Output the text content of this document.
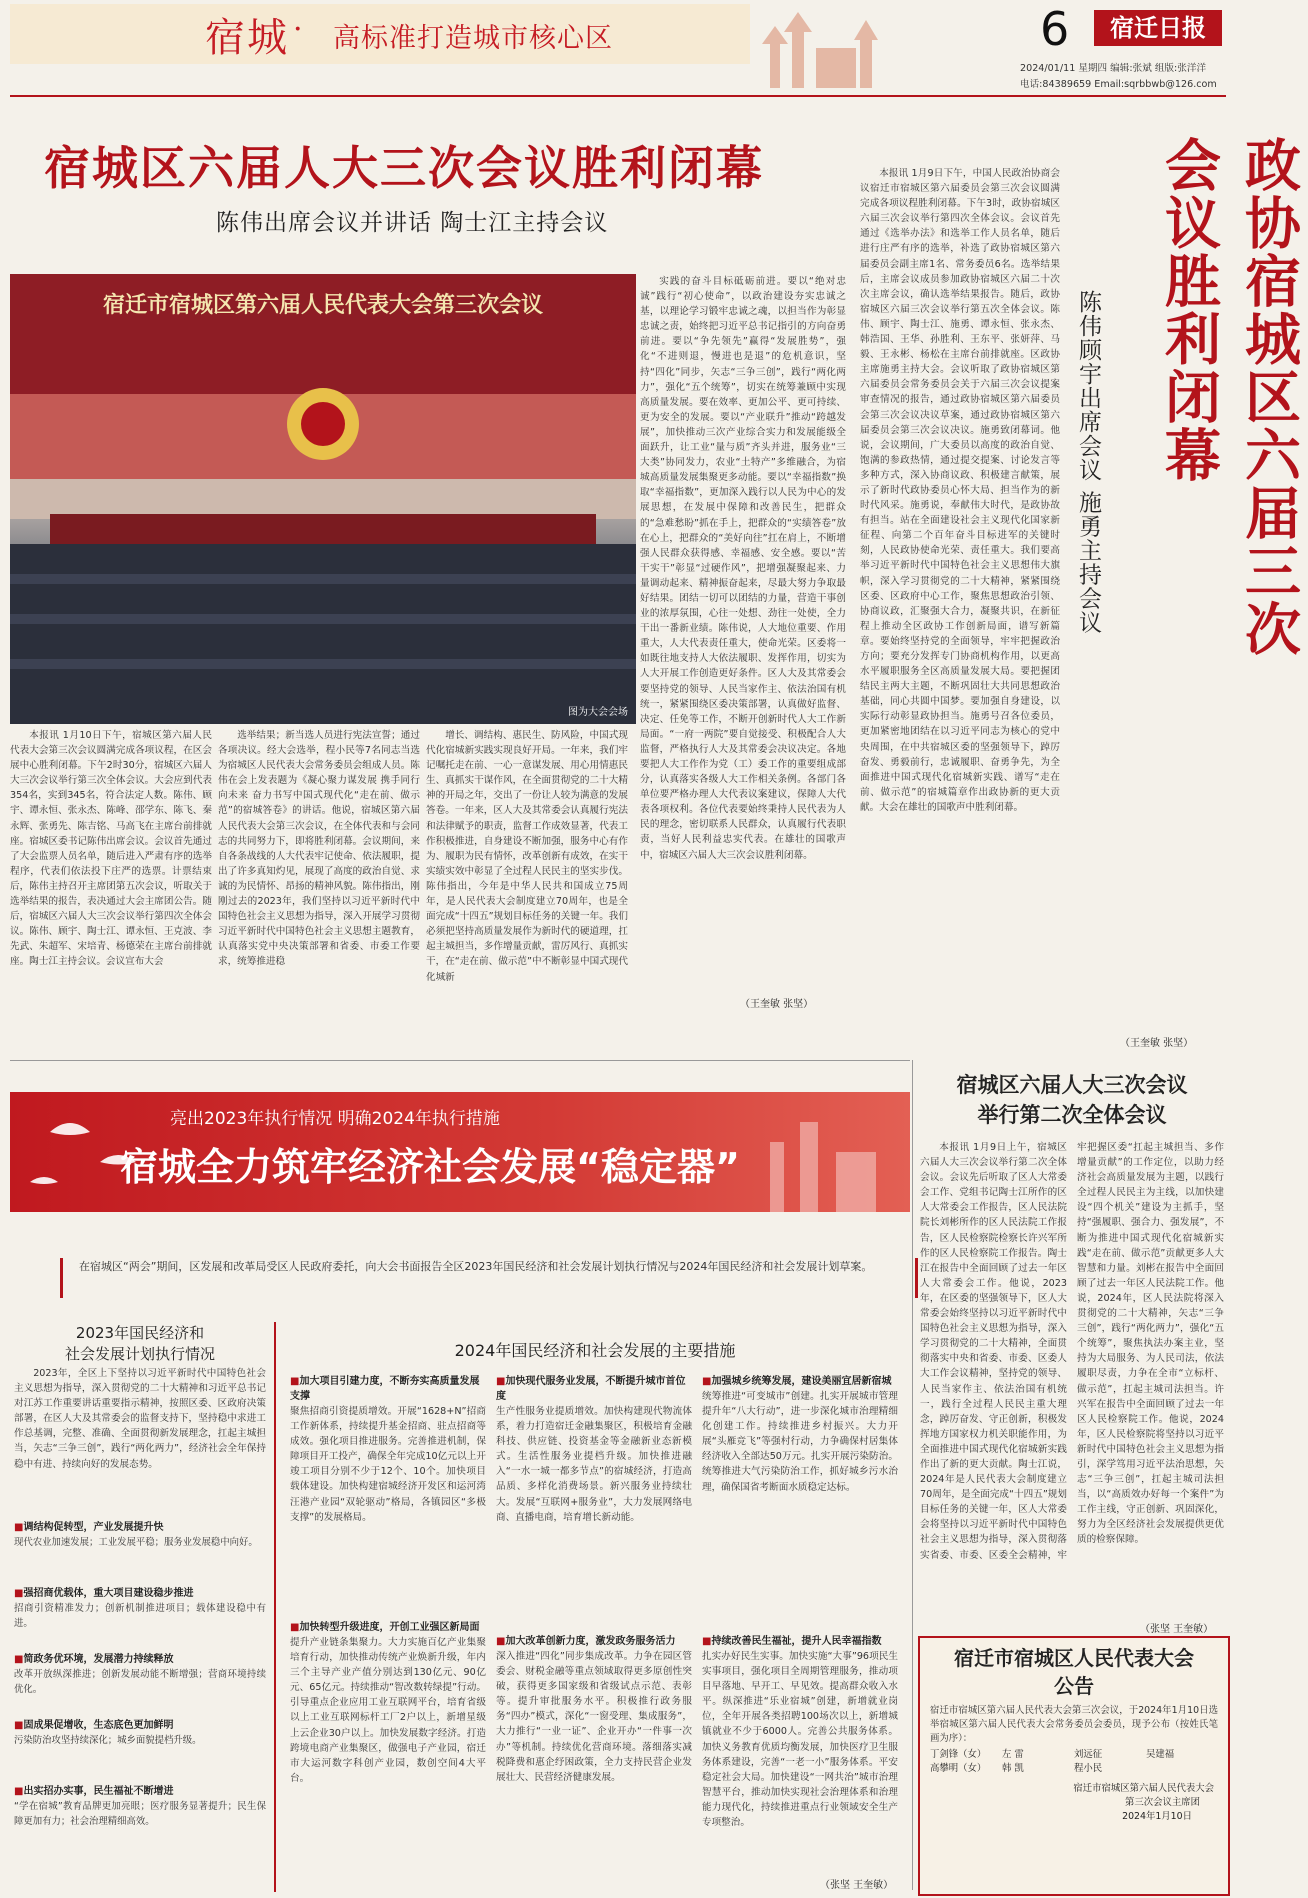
宿城 · 高标准打造城市核心区	6	宿迁日报
2024/01/11 星期四 编辑:张斌 组版:张洋洋
电话:84389659 Email:sqrbbwb@126.com
宿城区六届人大三次会议胜利闭幕
陈伟出席会议并讲话 陶士江主持会议
宿迁市宿城区第六届人民代表大会第三次会议
图为大会会场

实践的奋斗目标砥砺前进。要以“绝对忠诚”践行“初心使命”，以政治建设夯实忠诚之基，以理论学习锻牢忠诚之魂，以担当作为彰显忠诚之责，始终把习近平总书记指引的方向奋勇前进。要以“争先领先”赢得“发展胜势”，强化“不进则退，慢进也是退”的危机意识，坚持“四化”同步，矢志“三争三创”，践行“两化两力”，强化“五个统筹”，切实在统筹兼顾中实现高质量发展。要在效率、更加公平、更可持续、更为安全的发展。要以“产业联升”推动“跨越发展”，加快推动三次产业综合实力和发展能级全面跃升，让工业“量与质”齐头并进，服务业“三大类”协同发力，农业“土特产”多维融合，为宿城高质量发展集聚更多动能。要以“幸福指数”换取“幸福指数”，更加深入践行以人民为中心的发展思想，在发展中保障和改善民生，把群众的“急难愁盼”抓在手上，把群众的“实绩答卷”放在心上，把群众的“美好向往”扛在肩上，不断增强人民群众获得感、幸福感、安全感。要以“苦干实干”彰显“过硬作风”，把增强凝聚起来、力量调动起来、精神振奋起来，尽最大努力争取最好结果。团结一切可以团结的力量，营造干事创业的浓厚氛围，心往一处想、劲往一处使，全力干出一番新业绩。陈伟说，人大地位重要、作用重大，人大代表责任重大，使命光荣。区委将一如既往地支持人大依法履职、发挥作用，切实为人大开展工作创造更好条件。区人大及其常委会要坚持党的领导、人民当家作主、依法治国有机统一，紧紧围绕区委决策部署，认真做好监督、决定、任免等工作，不断开创新时代人大工作新局面。“一府一两院”要自觉接受、积极配合人大监督，严格执行人大及其常委会决议决定。各地要把人大工作作为党（工）委工作的重要组成部分，认真落实各级人大工作相关条例。各部门各单位要严格办理人大代表议案建议，保障人大代表各项权利。各位代表要始终秉持人民代表为人民的理念，密切联系人民群众，认真履行代表职责，当好人民利益忠实代表。在雄壮的国歌声中，宿城区六届人大三次会议胜利闭幕。

本报讯 1月10日下午，宿城区第六届人民代表大会第三次会议圆满完成各项议程，在区会展中心胜利闭幕。下午2时30分，宿城区六届人大三次会议举行第三次全体会议。大会应到代表354名，实到345名，符合法定人数。陈伟、顾宇、谭永恒、张永杰、陈峰、邵学东、陈飞、秦永辉、张勇先、陈吉铭、马高飞在主席台前排就座。宿城区委书记陈伟出席会议。会议首先通过了大会监票人员名单，随后进入严肃有序的选举程序，代表们依法投下庄严的选票。计票结束后，陈伟主持召开主席团第五次会议，听取关于选举结果的报告，表决通过大会主席团公告。随后，宿城区六届人大三次会议举行第四次全体会议。陈伟、顾宇、陶士江、谭永恒、王克波、李先武、朱超军、宋培青、杨德荣在主席台前排就座。陶士江主持会议。会议宣布大会

选举结果；新当选人员进行宪法宣誓；通过各项决议。经大会选举，程小民等7名同志当选为宿城区人民代表大会常务委员会组成人员。陈伟在会上发表题为《凝心聚力谋发展 携手同行向未来 奋力书写中国式现代化“走在前、做示范”的宿城答卷》的讲话。他说，宿城区第六届人民代表大会第三次会议，在全体代表和与会同志的共同努力下，即将胜利闭幕。会议期间，来自各条战线的人大代表牢记使命、依法履职，提出了许多真知灼见，展现了高度的政治自觉、求诚的为民情怀、昂扬的精神风貌。陈伟指出，刚刚过去的2023年，我们坚持以习近平新时代中国特色社会主义思想为指导，深入开展学习贯彻习近平新时代中国特色社会主义思想主题教育，认真落实党中央决策部署和省委、市委工作要求，统筹推进稳

增长、调结构、惠民生、防风险，中国式现代化宿城新实践实现良好开局。一年来，我们牢记嘱托走在前、一心一意谋发展、用心用情惠民生、真抓实干谋作风，在全面贯彻党的二十大精神的开局之年，交出了一份让人较为满意的发展答卷。一年来，区人大及其常委会认真履行宪法和法律赋予的职责，监督工作成效显著，代表工作积极推进，自身建设不断加强，服务中心有作为、履职为民有情怀，改革创新有成效，在实干实绩实效中彰显了全过程人民民主的坚实步伐。陈伟指出，今年是中华人民共和国成立75周年，是人民代表大会制度建立70周年，也是全面完成“十四五”规划目标任务的关键一年。我们必须把坚持高质量发展作为新时代的硬道理，扛起主城担当，多作增量贡献，雷厉风行、真抓实干，在“走在前、做示范”中不断彰显中国式现代化城新

（王奎敏 张坚）
政协宿城区六届三次会议胜利闭幕
陈伟顾宇出席会议 施勇主持会议

本报讯 1月9日下午，中国人民政治协商会议宿迁市宿城区第六届委员会第三次会议圆满完成各项议程胜利闭幕。下午3时，政协宿城区六届三次会议举行第四次全体会议。会议首先通过《选举办法》和选举工作人员名单，随后进行庄严有序的选举，补选了政协宿城区第六届委员会副主席1名、常务委员6名。选举结果后，主席会议成员参加政协宿城区六届二十次次主席会议，确认选举结果报告。随后，政协宿城区六届三次会议举行第五次全体会议。陈伟、顾宇、陶士江、施勇、谭永恒、张永杰、韩浩国、王华、孙胜利、王东平、张妍萍、马毅、王永彬、杨松在主席台前排就座。区政协主席施勇主持大会。会议听取了政协宿城区第六届委员会常务委员会关于六届三次会议提案审查情况的报告，通过政协宿城区第六届委员会第三次会议决议草案，通过政协宿城区第六届委员会第三次会议决议。施勇致闭幕词。他说，会议期间，广大委员以高度的政治自觉、饱满的参政热情，通过提交提案、讨论发言等多种方式，深入协商议政、积极建言献策，展示了新时代政协委员心怀大局、担当作为的新时代风采。施勇说，奉献伟大时代，是政协故有担当。站在全面建设社会主义现代化国家新征程、向第二个百年奋斗目标进军的关键时刻，人民政协使命光荣、责任重大。我们要高举习近平新时代中国特色社会主义思想伟大旗帜，深入学习贯彻党的二十大精神，紧紧围绕区委、区政府中心工作，聚焦思想政治引领、协商议政，汇聚强大合力，凝聚共识，在新征程上推动全区政协工作创新局面，谱写新篇章。要始终坚持党的全面领导，牢牢把握政治方向；要充分发挥专门协商机构作用，以更高水平履职服务全区高质量发展大局。要把握团结民主两大主题，不断巩固壮大共同思想政治基础，同心共圆中国梦。要加强自身建设，以实际行动彰显政协担当。施勇号召各位委员，更加紧密地团结在以习近平同志为核心的党中央周围，在中共宿城区委的坚强领导下，踔厉奋发、勇毅前行，忠诚履职、奋勇争先，为全面推进中国式现代化宿城新实践、谱写“走在前、做示范”的宿城篇章作出政协新的更大贡献。大会在雄壮的国歌声中胜利闭幕。

（王奎敏 张坚）
亮出2023年执行情况 明确2024年执行措施
宿城全力筑牢经济社会发展“稳定器”
在宿城区“两会”期间，区发展和改革局受区人民政府委托，向大会书面报告全区2023年国民经济和社会发展计划执行情况与2024年国民经济和社会发展计划草案。
2023年国民经济和
社会发展计划执行情况

2023年，全区上下坚持以习近平新时代中国特色社会主义思想为指导，深入贯彻党的二十大精神和习近平总书记对江苏工作重要讲话重要指示精神，按照区委、区政府决策部署，在区人大及其常委会的监督支持下，坚持稳中求进工作总基调，完整、准确、全面贯彻新发展理念，扛起主城担当，矢志“三争三创”，践行“两化两力”，经济社会全年保持稳中有进、持续向好的发展态势。

■调结构促转型，产业发展提升快
现代农业加速发展；工业发展平稳；服务业发展稳中向好。
■强招商优载体，重大项目建设稳步推进
招商引资精准发力；创新机制推进项目；载体建设稳中有进。
■简政务优环境，发展潜力持续释放
改革开放纵深推进；创新发展动能不断增强；营商环境持续优化。
■固成果促增收，生态底色更加鲜明
污染防治攻坚持续深化；城乡面貌提档升级。
■出实招办实事，民生福祉不断增进
“学在宿城”教育品牌更加亮眼；医疗服务显著提升；民生保障更加有力；社会治理精细高效。
2024年国民经济和社会发展的主要措施
■加大项目引建力度，不断夯实高质量发展支撑
聚焦招商引资提质增效。开展“1628+N”招商工作新体系，持续提升基金招商、驻点招商等成效。强化项目推进服务。完善推进机制，保障项目开工投产，确保全年完成10亿元以上开竣工项目分别不少于12个、10个。加快项目载体建设。加快构建宿城经济开发区和运河湾汪港产业园“双轮驱动”格局，各镇园区“多极支撑”的发展格局。
■加快现代服务业发展，不断提升城市首位度
生产性服务业提质增效。加快构建现代物流体系，着力打造宿迁金融集聚区，积极培育金融科技、供应链、投资基金等金融新业态新模式。生活性服务业提档升级。加快推进融入“一水一城一都多节点”的宿城经济，打造高品质、多样化消费场景。新兴服务业持续壮大。发展“互联网+服务业”，大力发展网络电商、直播电商，培育增长新动能。
■加大改革创新力度，激发政务服务活力
深入推进“四化”同步集成改革。力争在园区管委会、财税金融等重点领域取得更多原创性突破，获得更多国家级和省级试点示范、表彰等。提升审批服务水平。积极推行政务服务“四办”模式，深化“一窗受理、集成服务”，大力推行“一业一证”、企业开办“一件事一次办”等机制。持续优化营商环境。落细落实减税降费和惠企纾困政策，全力支持民营企业发展壮大、民营经济健康发展。
■加强城乡统筹发展，建设美丽宜居新宿城
统筹推进“可变城市”创建。扎实开展城市管理提升年“八大行动”，进一步深化城市治理精细化创建工作。持续推进乡村振兴。大力开展“头雁竞飞”等强村行动，力争确保村居集体经济收入全部达50万元。扎实开展污染防治。统筹推进大气污染防治工作，抓好城乡污水治理，确保国省考断面水质稳定达标。
■持续改善民生福祉，提升人民幸福指数
扎实办好民生实事。加快实施“大事”96项民生实事项目，强化项目全周期管理服务，推动项目早落地、早开工、早见效。提高群众收入水平。纵深推进“乐业宿城”创建，新增就业岗位，全年开展各类招聘100场次以上，新增城镇就业不少于6000人。完善公共服务体系。加快义务教育优质均衡发展，加快医疗卫生服务体系建设，完善“一老一小”服务体系。平安稳定社会大局。加快建设“一网共治”城市治理智慧平台，推动加快实现社会治理体系和治理能力现代化，持续推进重点行业领域安全生产专项整治。
■加快转型升级进度，开创工业强区新局面
提升产业链条集聚力。大力实施百亿产业集聚培育行动，加快推动传统产业焕新升级，年内三个主导产业产值分别达到130亿元、90亿元、65亿元。持续推动“智改数转绿提”行动。引导重点企业应用工业互联网平台，培育省级以上工业互联网标杆工厂2户以上，新增星级上云企业30户以上。加快发展数字经济。打造跨境电商产业集聚区，做强电子产业园，宿迁市大运河数字科创产业园，数创空间4大平台。
（张坚 王奎敏）
宿城区六届人大三次会议
举行第二次全体会议

本报讯 1月9日上午，宿城区六届人大三次会议举行第二次全体会议。会议先后听取了区人大常委会工作、党组书记陶士江所作的区人大常委会工作报告，区人民法院院长刘彬所作的区人民法院工作报告，区人民检察院检察长许兴军所作的区人民检察院工作报告。陶士江在报告中全面回顾了过去一年区人大常委会工作。他说，2023年，在区委的坚强领导下，区人大常委会始终坚持以习近平新时代中国特色社会主义思想为指导，深入学习贯彻党的二十大精神，全面贯彻落实中央和省委、市委、区委人大工作会议精神，坚持党的领导、人民当家作主、依法治国有机统一，践行全过程人民民主重大理念，踔厉奋发、守正创新，积极发挥地方国家权力机关职能作用，为全面推进中国式现代化宿城新实践作出了新的更大贡献。陶士江说，2024年是人民代表大会制度建立70周年，是全面完成“十四五”规划目标任务的关键一年，区人大常委会将坚持以习近平新时代中国特色社会主义思想为指导，深入贯彻落实省委、市委、区委全会精神，牢牢把握区委“扛起主城担当、多作增量贡献”的工作定位，以助力经济社会高质量发展为主题，以践行全过程人民民主为主线，以加快建设“四个机关”建设为主抓手，坚持“强履职、强合力、强发展”，不断为推进中国式现代化宿城新实践“走在前、做示范”贡献更多人大智慧和力量。刘彬在报告中全面回顾了过去一年区人民法院工作。他说，2024年，区人民法院将深入贯彻党的二十大精神，矢志“三争三创”，践行“两化两力”，强化“五个统筹”，聚焦执法办案主业，坚持为大局服务、为人民司法，依法履职尽责，力争在全市“立标杆、做示范”，扛起主城司法担当。许兴军在报告中全面回顾了过去一年区人民检察院工作。他说，2024年，区人民检察院将坚持以习近平新时代中国特色社会主义思想为指引，深学笃用习近平法治思想，矢志“三争三创”，扛起主城司法担当，以“高质效办好每一个案件”为工作主线，守正创新、巩固深化，努力为全区经济社会发展提供更优质的检察保障。

（张坚 王奎敏）
宿迁市宿城区人民代表大会
公告
宿迁市宿城区第六届人民代表大会第三次会议，于2024年1月10日选举宿城区第六届人民代表大会常务委员会委员，现予公布（按姓氏笔画为序）：
丁剑锋（女）	左 雷	刘远征	吴建福
高攀明（女）	韩 凯	程小民
宿迁市宿城区第六届人民代表大会
第三次会议主席团
2024年1月10日
